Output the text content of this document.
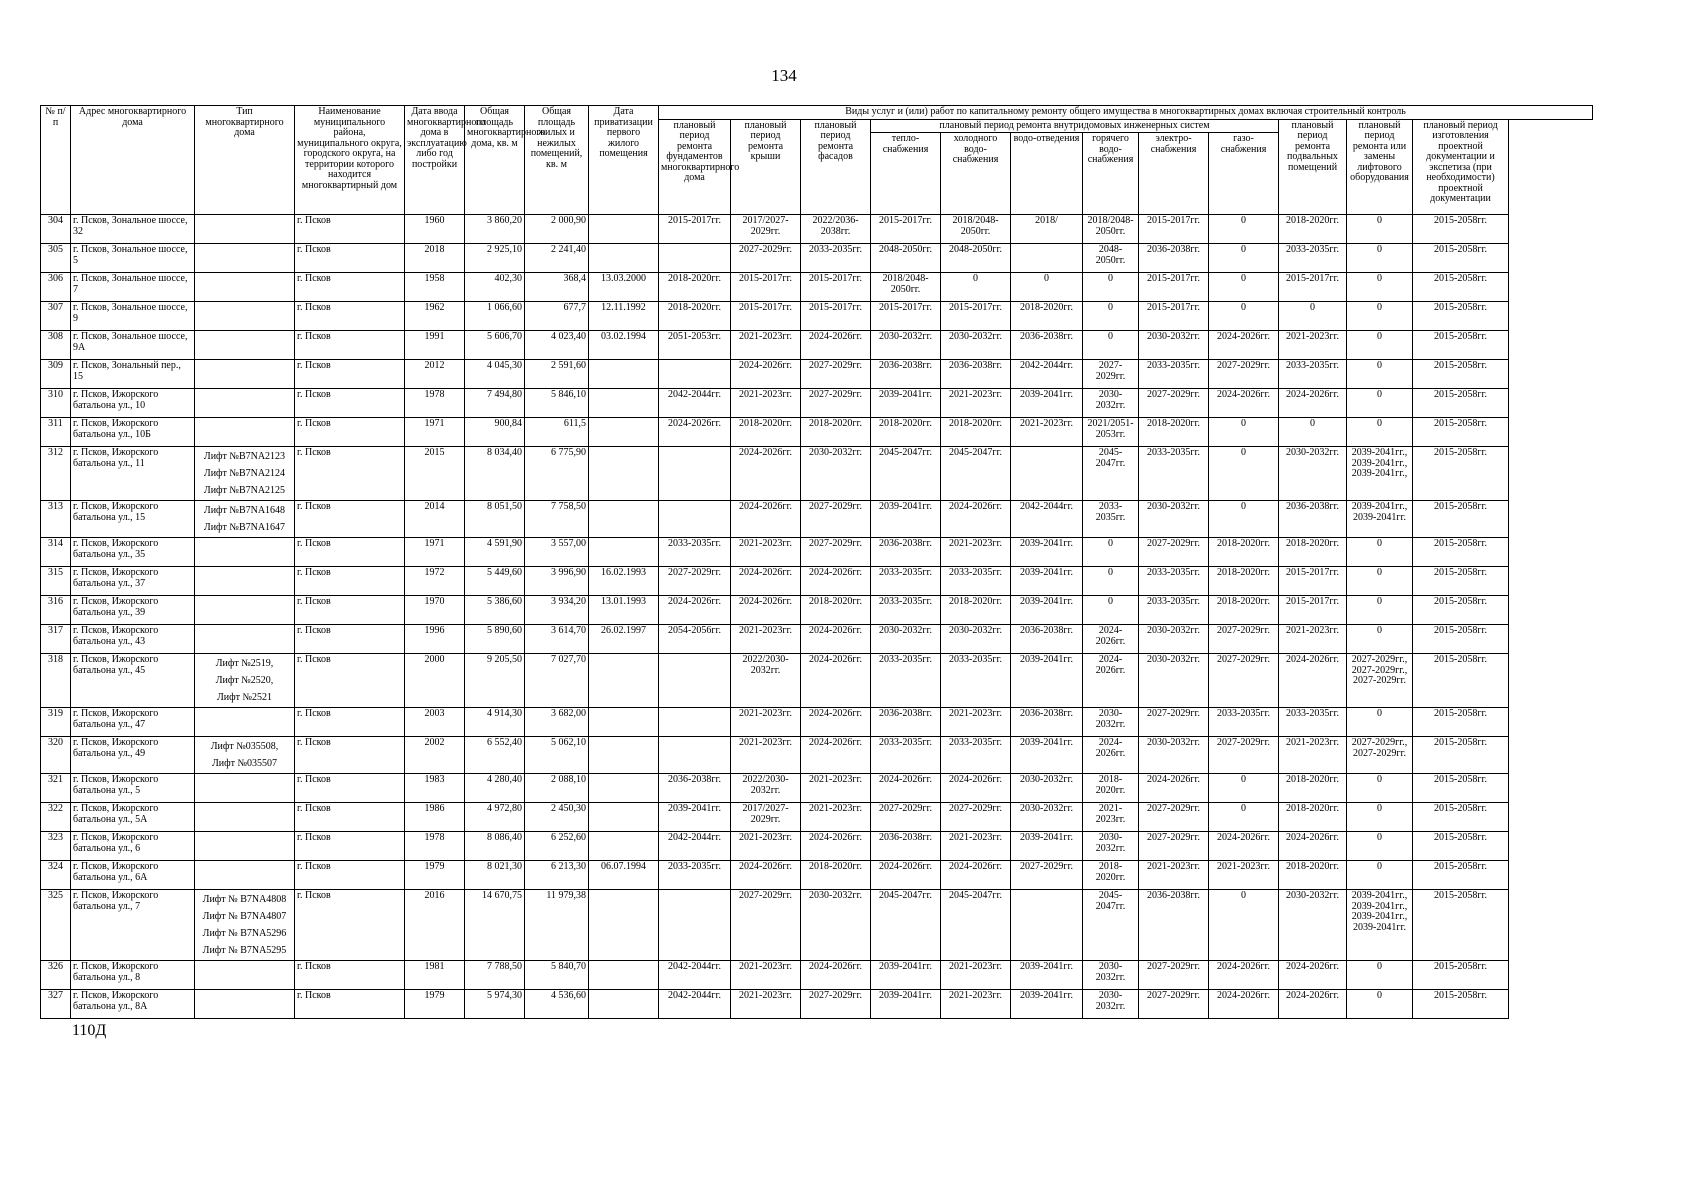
134
№ п/п	Адрес многоквартирного дома	Тип многоквартирного дома	Наименование муниципального района, муниципального округа, городского округа, на территории которого находится многоквартирный дом	Дата ввода многоквартирного дома в эксплуатацию либо год постройки	Общая площадь многоквартирного дома, кв. м	Общая площадь жилых и нежилых помещений, кв. м	Дата приватизации первого жилого помещения	Виды услуг и (или) работ по капитальному ремонту общего имущества в многоквартирных домах включая строительный контроль											
								плановый период ремонта фундаментов многоквартирного дома	плановый период ремонта крыши	плановый период ремонта фасадов	плановый период ремонта внутридомовых инженерных систем						плановый период ремонта подвальных помещений	плановый период ремонта или замены лифтового оборудования	плановый период изготовления проектной документации и экспетиза (при необходимости) проектной документации
											тепло-снабжения	холодного водо-снабжения	водо-отведения	горячего водо-снабжения	электро-снабжения	газо-снабжения			
304	г. Псков, Зональное шоссе, 32		г. Псков	1960	3 860,20	2 000,90		2015-2017гг.	2017/2027-2029гг.	2022/2036-2038гг.	2015-2017гг.	2018/2048-2050гг.	2018/	2018/2048-2050гг.	2015-2017гг.	0	2018-2020гг.	0	2015-2058гг.
305	г. Псков, Зональное шоссе, 5		г. Псков	2018	2 925,10	2 241,40			2027-2029гг.	2033-2035гг.	2048-2050гг.	2048-2050гг.		2048-2050гг.	2036-2038гг.	0	2033-2035гг.	0	2015-2058гг.
306	г. Псков, Зональное шоссе, 7		г. Псков	1958	402,30	368,4	13.03.2000	2018-2020гг.	2015-2017гг.	2015-2017гг.	2018/2048-2050гг.	0	0	0	2015-2017гг.	0	2015-2017гг.	0	2015-2058гг.
307	г. Псков, Зональное шоссе, 9		г. Псков	1962	1 066,60	677,7	12.11.1992	2018-2020гг.	2015-2017гг.	2015-2017гг.	2015-2017гг.	2015-2017гг.	2018-2020гг.	0	2015-2017гг.	0	0	0	2015-2058гг.
308	г. Псков, Зональное шоссе, 9А		г. Псков	1991	5 606,70	4 023,40	03.02.1994	2051-2053гг.	2021-2023гг.	2024-2026гг.	2030-2032гг.	2030-2032гг.	2036-2038гг.	0	2030-2032гг.	2024-2026гг.	2021-2023гг.	0	2015-2058гг.
309	г. Псков, Зональный пер., 15		г. Псков	2012	4 045,30	2 591,60			2024-2026гг.	2027-2029гг.	2036-2038гг.	2036-2038гг.	2042-2044гг.	2027-2029гг.	2033-2035гг.	2027-2029гг.	2033-2035гг.	0	2015-2058гг.
310	г. Псков, Ижорского батальона ул., 10		г. Псков	1978	7 494,80	5 846,10		2042-2044гг.	2021-2023гг.	2027-2029гг.	2039-2041гг.	2021-2023гг.	2039-2041гг.	2030-2032гг.	2027-2029гг.	2024-2026гг.	2024-2026гг.	0	2015-2058гг.
311	г. Псков, Ижорского батальона ул., 10Б		г. Псков	1971	900,84	611,5		2024-2026гг.	2018-2020гг.	2018-2020гг.	2018-2020гг.	2018-2020гг.	2021-2023гг.	2021/2051-2053гг.	2018-2020гг.	0	0	0	2015-2058гг.
312	г. Псков, Ижорского батальона ул., 11	Лифт №B7NA2123
Лифт №B7NA2124
Лифт №B7NA2125	г. Псков	2015	8 034,40	6 775,90			2024-2026гг.	2030-2032гг.	2045-2047гг.	2045-2047гг.		2045-2047гг.	2033-2035гг.	0	2030-2032гг.	2039-2041гг.,
2039-2041гг.,
2039-2041гг.,	2015-2058гг.
313	г. Псков, Ижорского батальона ул., 15	Лифт №B7NA1648
Лифт №B7NA1647	г. Псков	2014	8 051,50	7 758,50			2024-2026гг.	2027-2029гг.	2039-2041гг.	2024-2026гг.	2042-2044гг.	2033-2035гг.	2030-2032гг.	0	2036-2038гг.	2039-2041гг.,
2039-2041гг.	2015-2058гг.
314	г. Псков, Ижорского батальона ул., 35		г. Псков	1971	4 591,90	3 557,00		2033-2035гг.	2021-2023гг.	2027-2029гг.	2036-2038гг.	2021-2023гг.	2039-2041гг.	0	2027-2029гг.	2018-2020гг.	2018-2020гг.	0	2015-2058гг.
315	г. Псков, Ижорского батальона ул., 37		г. Псков	1972	5 449,60	3 996,90	16.02.1993	2027-2029гг.	2024-2026гг.	2024-2026гг.	2033-2035гг.	2033-2035гг.	2039-2041гг.	0	2033-2035гг.	2018-2020гг.	2015-2017гг.	0	2015-2058гг.
316	г. Псков, Ижорского батальона ул., 39		г. Псков	1970	5 386,60	3 934,20	13.01.1993	2024-2026гг.	2024-2026гг.	2018-2020гг.	2033-2035гг.	2018-2020гг.	2039-2041гг.	0	2033-2035гг.	2018-2020гг.	2015-2017гг.	0	2015-2058гг.
317	г. Псков, Ижорского батальона ул., 43		г. Псков	1996	5 890,60	3 614,70	26.02.1997	2054-2056гг.	2021-2023гг.	2024-2026гг.	2030-2032гг.	2030-2032гг.	2036-2038гг.	2024-2026гг.	2030-2032гг.	2027-2029гг.	2021-2023гг.	0	2015-2058гг.
318	г. Псков, Ижорского батальона ул., 45	Лифт №2519,
Лифт №2520,
Лифт №2521	г. Псков	2000	9 205,50	7 027,70			2022/2030-2032гг.	2024-2026гг.	2033-2035гг.	2033-2035гг.	2039-2041гг.	2024-2026гг.	2030-2032гг.	2027-2029гг.	2024-2026гг.	2027-2029гг.,
2027-2029гг.,
2027-2029гг.	2015-2058гг.
319	г. Псков, Ижорского батальона ул., 47		г. Псков	2003	4 914,30	3 682,00			2021-2023гг.	2024-2026гг.	2036-2038гг.	2021-2023гг.	2036-2038гг.	2030-2032гг.	2027-2029гг.	2033-2035гг.	2033-2035гг.	0	2015-2058гг.
320	г. Псков, Ижорского батальона ул., 49	Лифт №035508,
Лифт №035507	г. Псков	2002	6 552,40	5 062,10			2021-2023гг.	2024-2026гг.	2033-2035гг.	2033-2035гг.	2039-2041гг.	2024-2026гг.	2030-2032гг.	2027-2029гг.	2021-2023гг.	2027-2029гг.,
2027-2029гг.	2015-2058гг.
321	г. Псков, Ижорского батальона ул., 5		г. Псков	1983	4 280,40	2 088,10		2036-2038гг.	2022/2030-2032гг.	2021-2023гг.	2024-2026гг.	2024-2026гг.	2030-2032гг.	2018-2020гг.	2024-2026гг.	0	2018-2020гг.	0	2015-2058гг.
322	г. Псков, Ижорского батальона ул., 5А		г. Псков	1986	4 972,80	2 450,30		2039-2041гг.	2017/2027-2029гг.	2021-2023гг.	2027-2029гг.	2027-2029гг.	2030-2032гг.	2021-2023гг.	2027-2029гг.	0	2018-2020гг.	0	2015-2058гг.
323	г. Псков, Ижорского батальона ул., 6		г. Псков	1978	8 086,40	6 252,60		2042-2044гг.	2021-2023гг.	2024-2026гг.	2036-2038гг.	2021-2023гг.	2039-2041гг.	2030-2032гг.	2027-2029гг.	2024-2026гг.	2024-2026гг.	0	2015-2058гг.
324	г. Псков, Ижорского батальона ул., 6А		г. Псков	1979	8 021,30	6 213,30	06.07.1994	2033-2035гг.	2024-2026гг.	2018-2020гг.	2024-2026гг.	2024-2026гг.	2027-2029гг.	2018-2020гг.	2021-2023гг.	2021-2023гг.	2018-2020гг.	0	2015-2058гг.
325	г. Псков, Ижорского батальона ул., 7	Лифт № B7NA4808
Лифт № B7NA4807
Лифт № B7NA5296
Лифт № B7NA5295	г. Псков	2016	14 670,75	11 979,38			2027-2029гг.	2030-2032гг.	2045-2047гг.	2045-2047гг.		2045-2047гг.	2036-2038гг.	0	2030-2032гг.	2039-2041гг.,
2039-2041гг.,
2039-2041гг.,
2039-2041гг.	2015-2058гг.
326	г. Псков, Ижорского батальона ул., 8		г. Псков	1981	7 788,50	5 840,70		2042-2044гг.	2021-2023гг.	2024-2026гг.	2039-2041гг.	2021-2023гг.	2039-2041гг.	2030-2032гг.	2027-2029гг.	2024-2026гг.	2024-2026гг.	0	2015-2058гг.
327	г. Псков, Ижорского батальона ул., 8А		г. Псков	1979	5 974,30	4 536,60		2042-2044гг.	2021-2023гг.	2027-2029гг.	2039-2041гг.	2021-2023гг.	2039-2041гг.	2030-2032гг.	2027-2029гг.	2024-2026гг.	2024-2026гг.	0	2015-2058гг.
110Д
